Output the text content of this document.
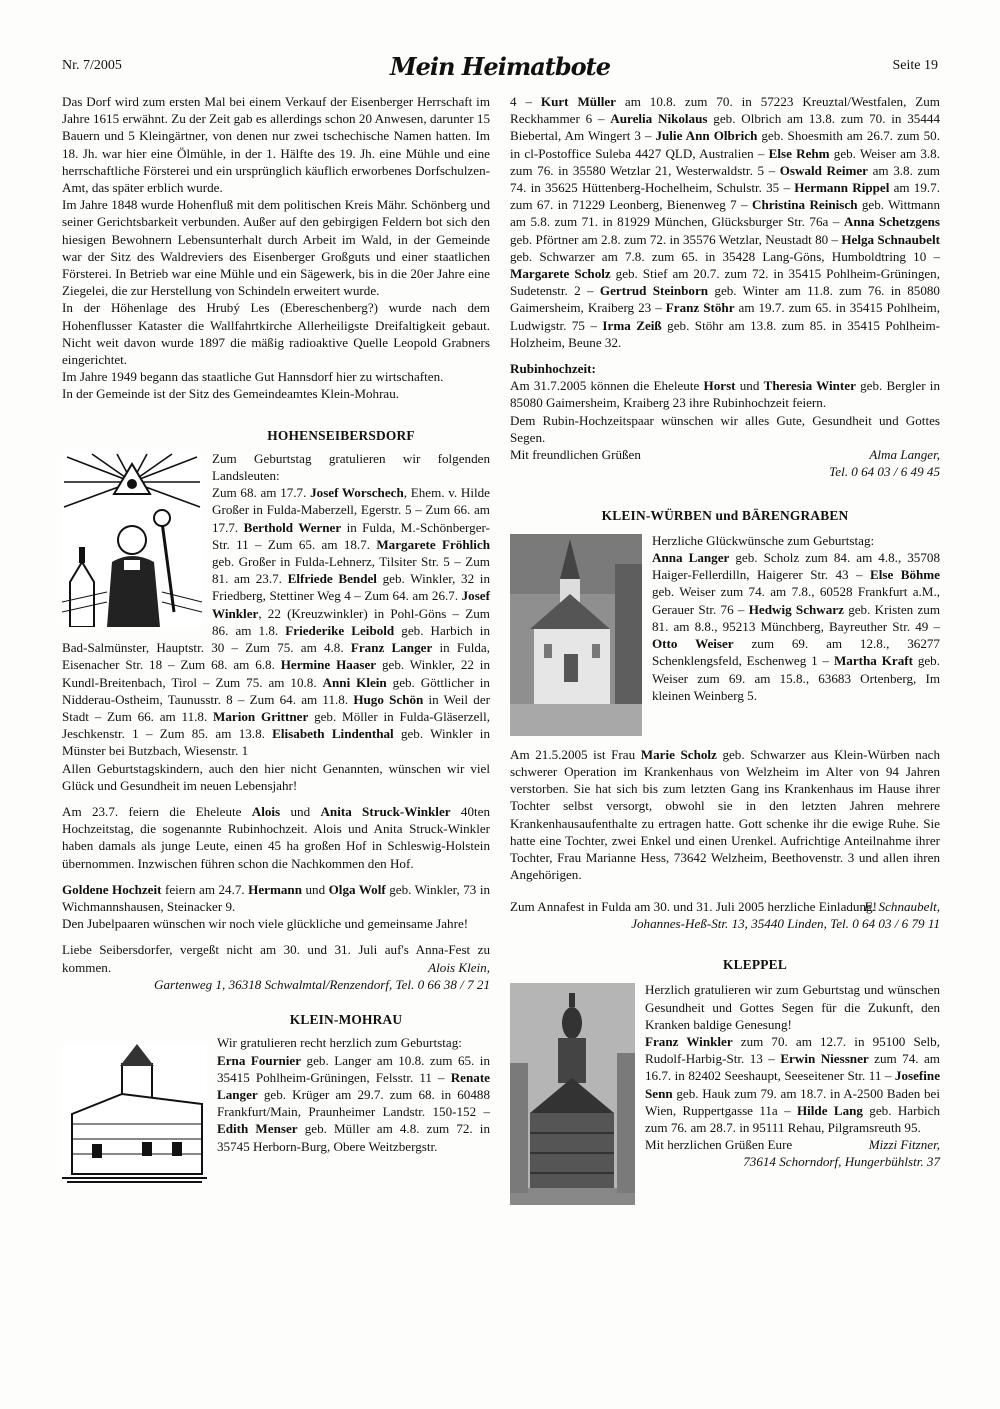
Nr. 7/2005	Mein Heimatbote	Seite 19

Das Dorf wird zum ersten Mal bei einem Verkauf der Eisenberger Herrschaft im Jahre 1615 erwähnt. Zu der Zeit gab es allerdings schon 20 Anwesen, darunter 15 Bauern und 5 Kleingärtner, von denen nur zwei tschechische Namen hatten. Im 18. Jh. war hier eine Ölmühle, in der 1. Hälfte des 19. Jh. eine Mühle und eine herrschaftliche Försterei und ein ursprünglich käuflich erworbenes Dorfschulzen-Amt, das später erblich wurde.

Im Jahre 1848 wurde Hohenfluß mit dem politischen Kreis Mähr. Schönberg und seiner Gerichtsbarkeit verbunden. Außer auf den gebirgigen Feldern bot sich den hiesigen Bewohnern Lebensunterhalt durch Arbeit im Wald, in der Gemeinde war der Sitz des Waldreviers des Eisenberger Großguts und einer staatlichen Försterei. In Betrieb war eine Mühle und ein Sägewerk, bis in die 20er Jahre eine Ziegelei, die zur Herstellung von Schindeln erweitert wurde.

In der Höhenlage des Hrubý Les (Ebereschenberg?) wurde nach dem Hohenflusser Kataster die Wallfahrtkirche Allerheiligste Dreifaltigkeit gebaut. Nicht weit davon wurde 1897 die mäßig radioaktive Quelle Leopold Grabners eingerichtet.

Im Jahre 1949 begann das staatliche Gut Hannsdorf hier zu wirtschaften.

In der Gemeinde ist der Sitz des Gemeindeamtes Klein-Mohrau.

HOHENSEIBERSDORF

Zum Geburtstag gratulieren wir folgenden Landsleuten:

Zum 68. am 17.7. Josef Worschech, Ehem. v. Hilde Großer in Fulda-Maberzell, Egerstr. 5 – Zum 66. am 17.7. Berthold Werner in Fulda, M.-Schönberger-Str. 11 – Zum 65. am 18.7. Margarete Fröhlich geb. Großer in Fulda-Lehnerz, Tilsiter Str. 5 – Zum 81. am 23.7. Elfriede Bendel geb. Winkler, 32 in Friedberg, Stettiner Weg 4 – Zum 64. am 26.7. Josef Winkler, 22 (Kreuzwinkler) in Pohl-Göns – Zum 86. am 1.8. Friederike Leibold geb. Harbich in Bad-Salmünster, Hauptstr. 30 – Zum 75. am 4.8. Franz Langer in Fulda, Eisenacher Str. 18 – Zum 68. am 6.8. Hermine Haaser geb. Winkler, 22 in Kundl-Breitenbach, Tirol – Zum 75. am 10.8. Anni Klein geb. Göttlicher in Nidderau-Ostheim, Taunusstr. 8 – Zum 64. am 11.8. Hugo Schön in Weil der Stadt – Zum 66. am 11.8. Marion Grittner geb. Möller in Fulda-Gläserzell, Jeschkenstr. 1 – Zum 85. am 13.8. Elisabeth Lindenthal geb. Winkler in Münster bei Butzbach, Wiesenstr. 1

Allen Geburtstagskindern, auch den hier nicht Genannten, wünschen wir viel Glück und Gesundheit im neuen Lebensjahr!

Am 23.7. feiern die Eheleute Alois und Anita Struck-Winkler 40ten Hochzeitstag, die sogenannte Rubinhochzeit. Alois und Anita Struck-Winkler haben damals als junge Leute, einen 45 ha großen Hof in Schleswig-Holstein übernommen. Inzwischen führen schon die Nachkommen den Hof.

Goldene Hochzeit feiern am 24.7. Hermann und Olga Wolf geb. Winkler, 73 in Wichmannshausen, Steinacker 9.

Den Jubelpaaren wünschen wir noch viele glückliche und gemeinsame Jahre!

Liebe Seibersdorfer, vergeßt nicht am 30. und 31. Juli auf's Anna-Fest zu kommen.	Alois Klein,

Gartenweg 1, 36318 Schwalmtal/Renzendorf, Tel. 0 66 38 / 7 21

KLEIN-MOHRAU

Wir gratulieren recht herzlich zum Geburtstag:

Erna Fournier geb. Langer am 10.8. zum 65. in 35415 Pohlheim-Grüningen, Felsstr. 11 – Renate Langer geb. Krüger am 29.7. zum 68. in 60488 Frankfurt/Main, Praunheimer Landstr. 150-152 – Edith Menser geb. Müller am 4.8. zum 72. in 35745 Herborn-Burg, Obere Weitzbergstr.

4 – Kurt Müller am 10.8. zum 70. in 57223 Kreuztal/Westfalen, Zum Reckhammer 6 – Aurelia Nikolaus geb. Olbrich am 13.8. zum 70. in 35444 Biebertal, Am Wingert 3 – Julie Ann Olbrich geb. Shoesmith am 26.7. zum 50. in cl-Postoffice Suleba 4427 QLD, Australien – Else Rehm geb. Weiser am 3.8. zum 76. in 35580 Wetzlar 21, Westerwaldstr. 5 – Oswald Reimer am 3.8. zum 74. in 35625 Hüttenberg-Hochelheim, Schulstr. 35 – Hermann Rippel am 19.7. zum 67. in 71229 Leonberg, Bienenweg 7 – Christina Reinisch geb. Wittmann am 5.8. zum 71. in 81929 München, Glücksburger Str. 76a – Anna Schetzgens geb. Pförtner am 2.8. zum 72. in 35576 Wetzlar, Neustadt 80 – Helga Schnaubelt geb. Schwarzer am 7.8. zum 65. in 35428 Lang-Göns, Humboldtring 10 – Margarete Scholz geb. Stief am 20.7. zum 72. in 35415 Pohlheim-Grüningen, Sudetenstr. 2 – Gertrud Steinborn geb. Winter am 11.8. zum 76. in 85080 Gaimersheim, Kraiberg 23 – Franz Stöhr am 19.7. zum 65. in 35415 Pohlheim, Ludwigstr. 75 – Irma Zeiß geb. Stöhr am 13.8. zum 85. in 35415 Pohlheim-Holzheim, Beune 32.

Rubinhochzeit:

Am 31.7.2005 können die Eheleute Horst und Theresia Winter geb. Bergler in 85080 Gaimersheim, Kraiberg 23 ihre Rubinhochzeit feiern.

Dem Rubin-Hochzeitspaar wünschen wir alles Gute, Gesundheit und Gottes Segen.

Mit freundlichen Grüßen	Alma Langer,

Tel. 0 64 03 / 6 49 45

KLEIN-WÜRBEN und BÄRENGRABEN

Herzliche Glückwünsche zum Geburtstag:

Anna Langer geb. Scholz zum 84. am 4.8., 35708 Haiger-Fellerdilln, Haigerer Str. 43 – Else Böhme geb. Weiser zum 74. am 7.8., 60528 Frankfurt a.M., Gerauer Str. 76 – Hedwig Schwarz geb. Kristen zum 81. am 8.8., 95213 Münchberg, Bayreuther Str. 49 – Otto Weiser zum 69. am 12.8., 36277 Schenklengsfeld, Eschenweg 1 – Martha Kraft geb. Weiser zum 69. am 15.8., 63683 Ortenberg, Im kleinen Weinberg 5.

Am 21.5.2005 ist Frau Marie Scholz geb. Schwarzer aus Klein-Würben nach schwerer Operation im Krankenhaus von Welzheim im Alter von 94 Jahren verstorben. Sie hat sich bis zum letzten Gang ins Krankenhaus im Hause ihrer Tochter selbst versorgt, obwohl sie in den letzten Jahren mehrere Krankenhausaufenthalte zu ertragen hatte. Gott schenke ihr die ewige Ruhe. Sie hatte eine Tochter, zwei Enkel und einen Urenkel. Aufrichtige Anteilnahme ihrer Tochter, Frau Marianne Hess, 73642 Welzheim, Beethovenstr. 3 und allen ihren Angehörigen.

Zum Annafest in Fulda am 30. und 31. Juli 2005 herzliche Einladung!

E. Schnaubelt,

Johannes-Heß-Str. 13, 35440 Linden, Tel. 0 64 03 / 6 79 11

KLEPPEL

Herzlich gratulieren wir zum Geburtstag und wünschen Gesundheit und Gottes Segen für die Zukunft, den Kranken baldige Genesung!

Franz Winkler zum 70. am 12.7. in 95100 Selb, Rudolf-Harbig-Str. 13 – Erwin Niessner zum 74. am 16.7. in 82402 Seeshaupt, Seeseitener Str. 11 – Josefine Senn geb. Hauk zum 79. am 18.7. in A-2500 Baden bei Wien, Ruppertgasse 11a – Hilde Lang geb. Harbich zum 76. am 28.7. in 95111 Rehau, Pilgramsreuth 95.

Mit herzlichen Grüßen Eure	Mizzi Fitzner,

73614 Schorndorf, Hungerbühlstr. 37
